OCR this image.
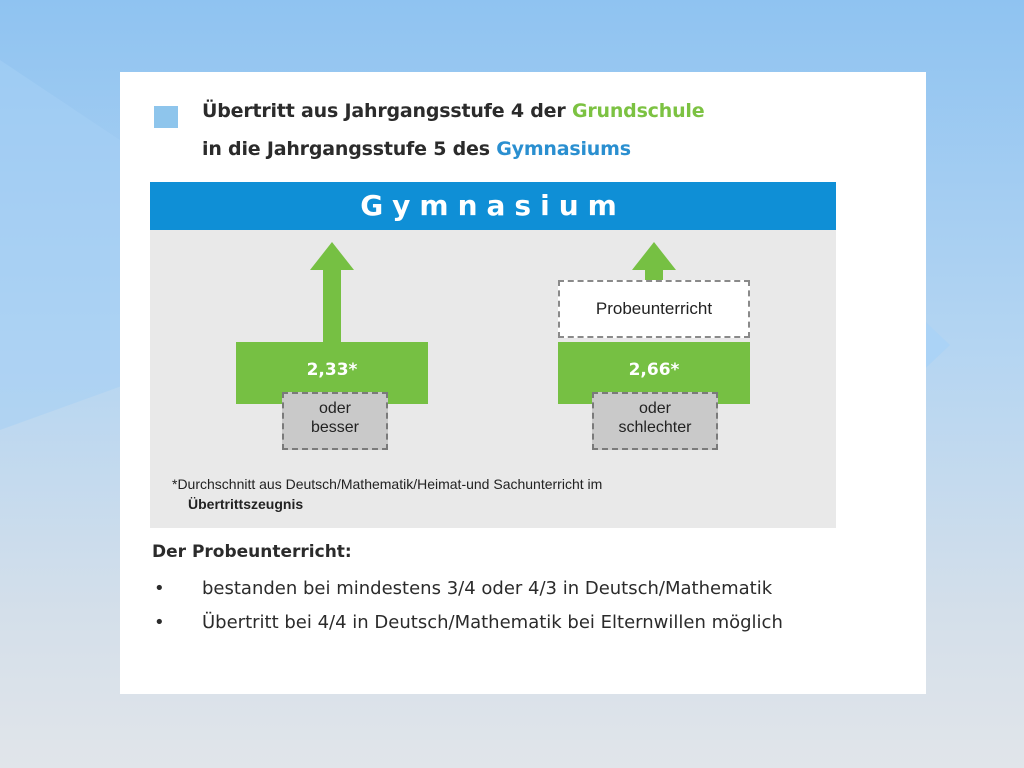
Übertritt aus Jahrgangsstufe 4 der Grundschule
in die Jahrgangsstufe 5 des Gymnasiums
Gymnasium
2,33*
oder
besser
Probeunterricht
2,66*
oder
schlechter
*Durchschnitt aus Deutsch/Mathematik/Heimat-und Sachunterricht im
Übertrittszeugnis
Der Probeunterricht:
• bestanden bei mindestens 3/4 oder 4/3 in Deutsch/Mathematik
• Übertritt bei 4/4 in Deutsch/Mathematik bei Elternwillen möglich
